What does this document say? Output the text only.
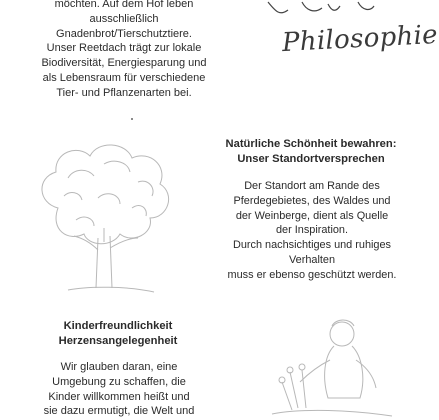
möchten. Auf dem Hof leben
ausschließlich
Gnadenbrot/Tierschutztiere.
Unser Reetdach trägt zur lokale
Biodiversität, Energiesparung und
als Lebensraum für verschiedene
Tier- und Pflanzenarten bei.
Philosophie
Natürliche Schönheit bewahren:
Unser Standortversprechen
Der Standort am Rande des
Pferdegebietes, des Waldes und
der Weinberge, dient als Quelle
der Inspiration.
Durch nachsichtiges und ruhiges
Verhalten
muss er ebenso geschützt werden.
Kinderfreundlichkeit
Herzensangelegenheit
Wir glauben daran, eine
Umgebung zu schaffen, die
Kinder willkommen heißt und
sie dazu ermutigt, die Welt und
